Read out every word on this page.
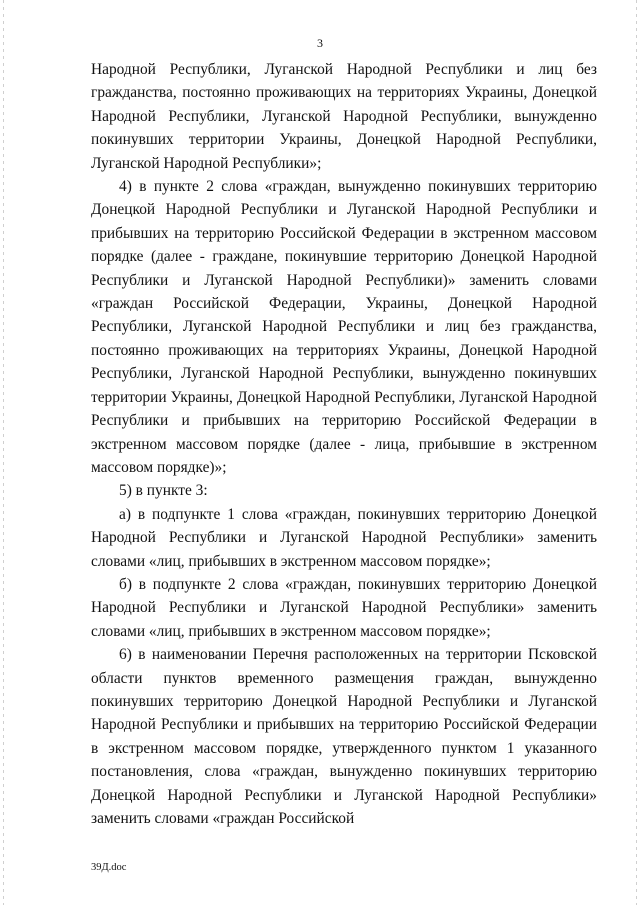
3

Народной Республики, Луганской Народной Республики и лиц без гражданства, постоянно проживающих на территориях Украины, Донецкой Народной Республики, Луганской Народной Республики, вынужденно покинувших территории Украины, Донецкой Народной Республики, Луганской Народной Республики»;

4) в пункте 2 слова «граждан, вынужденно покинувших территорию Донецкой Народной Республики и Луганской Народной Республики и прибывших на территорию Российской Федерации в экстренном массовом порядке (далее - граждане, покинувшие территорию Донецкой Народной Республики и Луганской Народной Республики)» заменить словами «граждан Российской Федерации, Украины, Донецкой Народной Республики, Луганской Народной Республики и лиц без гражданства, постоянно проживающих на территориях Украины, Донецкой Народной Республики, Луганской Народной Республики, вынужденно покинувших территории Украины, Донецкой Народной Республики, Луганской Народной Республики и прибывших на территорию Российской Федерации в экстренном массовом порядке (далее - лица, прибывшие в экстренном массовом порядке)»;

5) в пункте 3:

а) в подпункте 1 слова «граждан, покинувших территорию Донецкой Народной Республики и Луганской Народной Республики» заменить словами «лиц, прибывших в экстренном массовом порядке»;

б) в подпункте 2 слова «граждан, покинувших территорию Донецкой Народной Республики и Луганской Народной Республики» заменить словами «лиц, прибывших в экстренном массовом порядке»;

6) в наименовании Перечня расположенных на территории Псковской области пунктов временного размещения граждан, вынужденно покинувших территорию Донецкой Народной Республики и Луганской Народной Республики и прибывших на территорию Российской Федерации в экстренном массовом порядке, утвержденного пунктом 1 указанного постановления, слова «граждан, вынужденно покинувших территорию Донецкой Народной Республики и Луганской Народной Республики» заменить словами «граждан Российской

39Д.doc
